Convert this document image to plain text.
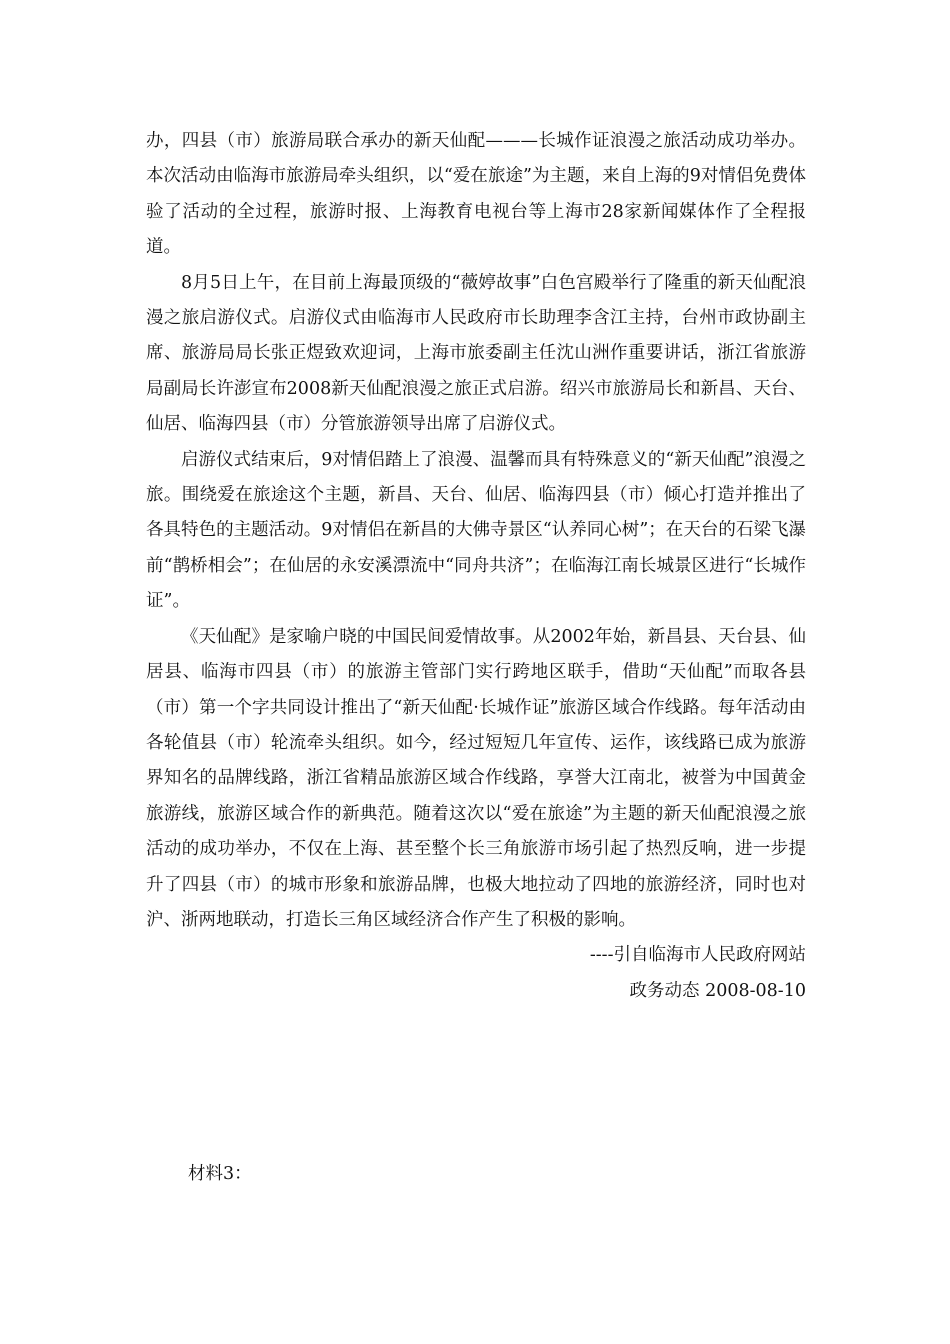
办，四县（市）旅游局联合承办的新天仙配———长城作证浪漫之旅活动成功举办。本次活动由临海市旅游局牵头组织，以“爱在旅途”为主题，来自上海的9对情侣免费体验了活动的全过程，旅游时报、上海教育电视台等上海市28家新闻媒体作了全程报道。

8月5日上午，在目前上海最顶级的“薇婷故事”白色宫殿举行了隆重的新天仙配浪漫之旅启游仪式。启游仪式由临海市人民政府市长助理李含江主持，台州市政协副主席、旅游局局长张正煜致欢迎词，上海市旅委副主任沈山洲作重要讲话，浙江省旅游局副局长许澎宣布2008新天仙配浪漫之旅正式启游。绍兴市旅游局长和新昌、天台、仙居、临海四县（市）分管旅游领导出席了启游仪式。

启游仪式结束后，9对情侣踏上了浪漫、温馨而具有特殊意义的“新天仙配”浪漫之旅。围绕爱在旅途这个主题，新昌、天台、仙居、临海四县（市）倾心打造并推出了各具特色的主题活动。9对情侣在新昌的大佛寺景区“认养同心树”；在天台的石梁飞瀑前“鹊桥相会”；在仙居的永安溪漂流中“同舟共济”；在临海江南长城景区进行“长城作证”。

《天仙配》是家喻户晓的中国民间爱情故事。从2002年始，新昌县、天台县、仙居县、临海市四县（市）的旅游主管部门实行跨地区联手，借助“天仙配”而取各县（市）第一个字共同设计推出了“新天仙配·长城作证”旅游区域合作线路。每年活动由各轮值县（市）轮流牵头组织。如今，经过短短几年宣传、运作，该线路已成为旅游界知名的品牌线路，浙江省精品旅游区域合作线路，享誉大江南北，被誉为中国黄金旅游线，旅游区域合作的新典范。随着这次以“爱在旅途”为主题的新天仙配浪漫之旅活动的成功举办，不仅在上海、甚至整个长三角旅游市场引起了热烈反响，进一步提升了四县（市）的城市形象和旅游品牌，也极大地拉动了四地的旅游经济，同时也对沪、浙两地联动，打造长三角区域经济合作产生了积极的影响。

----引自临海市人民政府网站

政务动态 2008-08-10

材料3：
